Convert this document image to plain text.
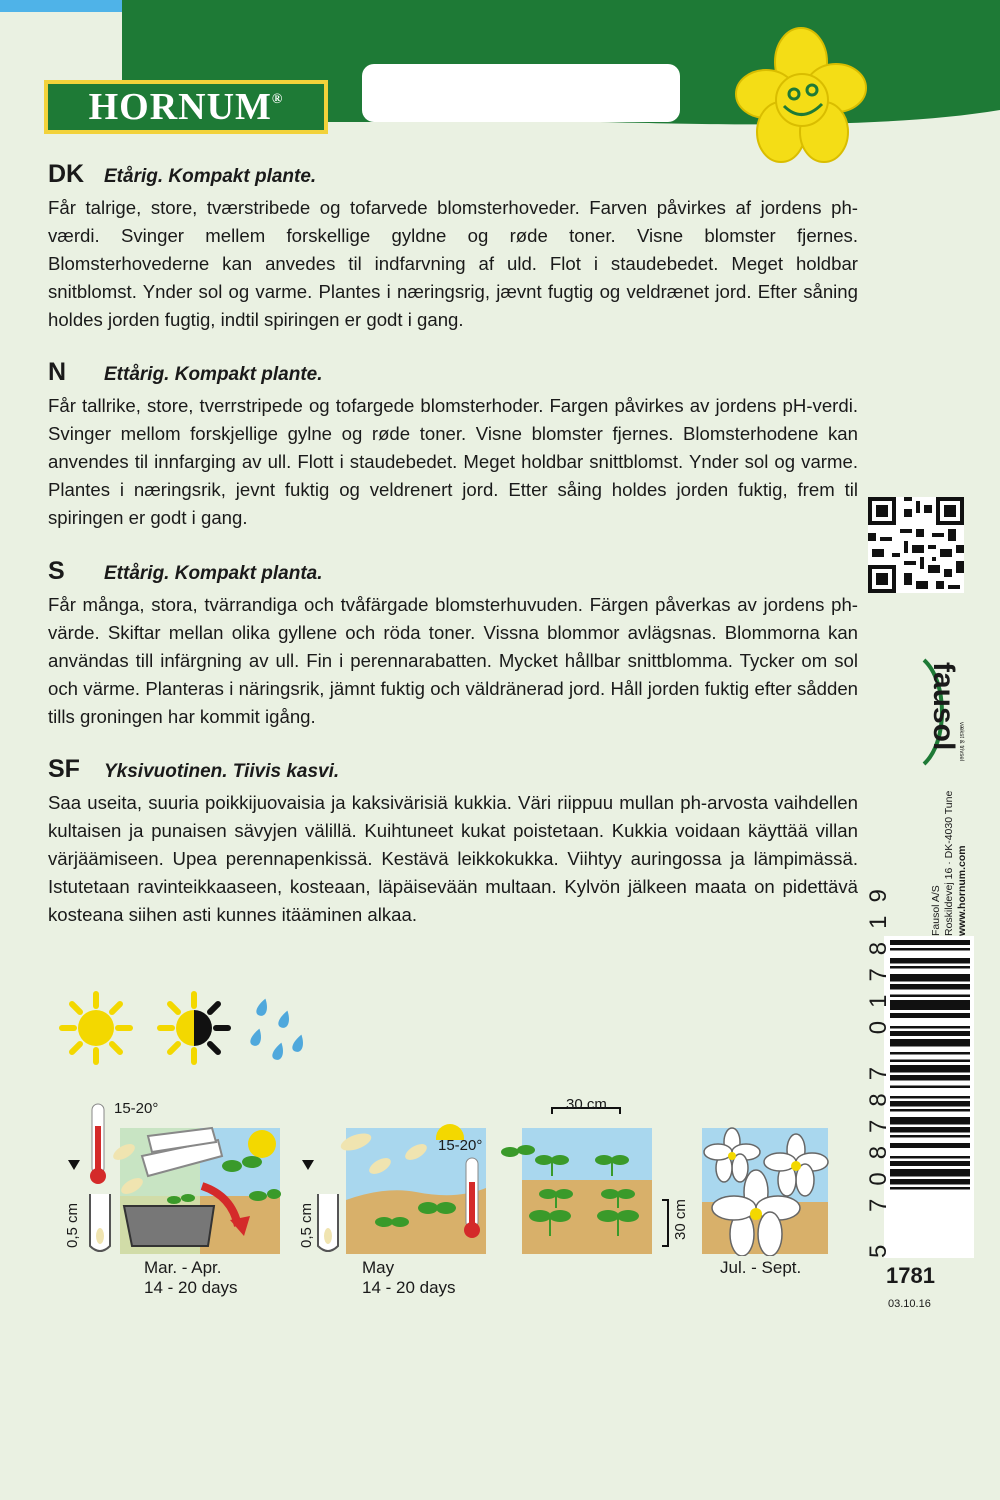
HORNUM ®
DK	Etårig. Kompakt plante.

Får talrige, store, tværstribede og tofarvede blomsterhoveder. Farven påvirkes af jordens ph-værdi. Svinger mellem forskellige gyldne og røde toner. Visne blomster fjernes. Blomsterhovederne kan anvedes til indfarvning af uld. Flot i staudebedet. Meget holdbar snitblomst. Ynder sol og varme. Plantes i næringsrig, jævnt fugtig og veldrænet jord. Efter såning holdes jorden fugtig, indtil spiringen er godt i gang.

N	Ettårig. Kompakt plante.

Får tallrike, store, tverrstripede og tofargede blomsterhoder. Fargen påvirkes av jordens pH-verdi. Svinger mellom forskjellige gylne og røde toner. Visne blomster fjernes. Blomsterhodene kan anvendes til innfarging av ull. Flott i staudebedet. Meget holdbar snittblomst. Ynder sol og varme. Plantes i næringsrik, jevnt fuktig og veldrenert jord. Etter såing holdes jorden fuktig, frem til spiringen er godt i gang.

S	Ettårig. Kompakt planta.

Får många, stora, tvärrandiga och tvåfärgade blomsterhuvuden. Färgen påverkas av jordens ph-värde. Skiftar mellan olika gyllene och röda toner. Vissna blommor avlägsnas. Blommorna kan användas till infärgning av ull. Fin i perennarabatten. Mycket hållbar snittblomma. Tycker om sol och värme. Planteras i näringsrik, jämnt fuktig och väldränerad jord. Håll jorden fuktig efter sådden tills groningen har kommit igång.

SF	Yksivuotinen. Tiivis kasvi.

Saa useita, suuria poikkijuovaisia ja kaksivärisiä kukkia. Väri riippuu mullan ph-arvosta vaihdellen kultaisen ja punaisen sävyjen välillä. Kuihtuneet kukat poistetaan. Kukkia voidaan käyttää villan värjäämiseen. Upea perennapenkissä. Kestävä leikkokukka. Viihtyy auringossa ja lämpimässä. Istutetaan ravinteikkaaseen, kosteaan, läpäisevään multaan. Kylvön jälkeen maata on pidettävä kosteana siihen asti kunnes itääminen alkaa.

fausol
vækst & trivsel
Fausol A/S Roskildevej 16 · DK-4030 Tune www.hornum.com
5 708787 017819
1781
03.10.16
15-20°
0,5 cm
Mar. - Apr.
14 - 20 days
15-20°
0,5 cm
May
14 - 20 days
30 cm
30 cm
Jul. - Sept.
